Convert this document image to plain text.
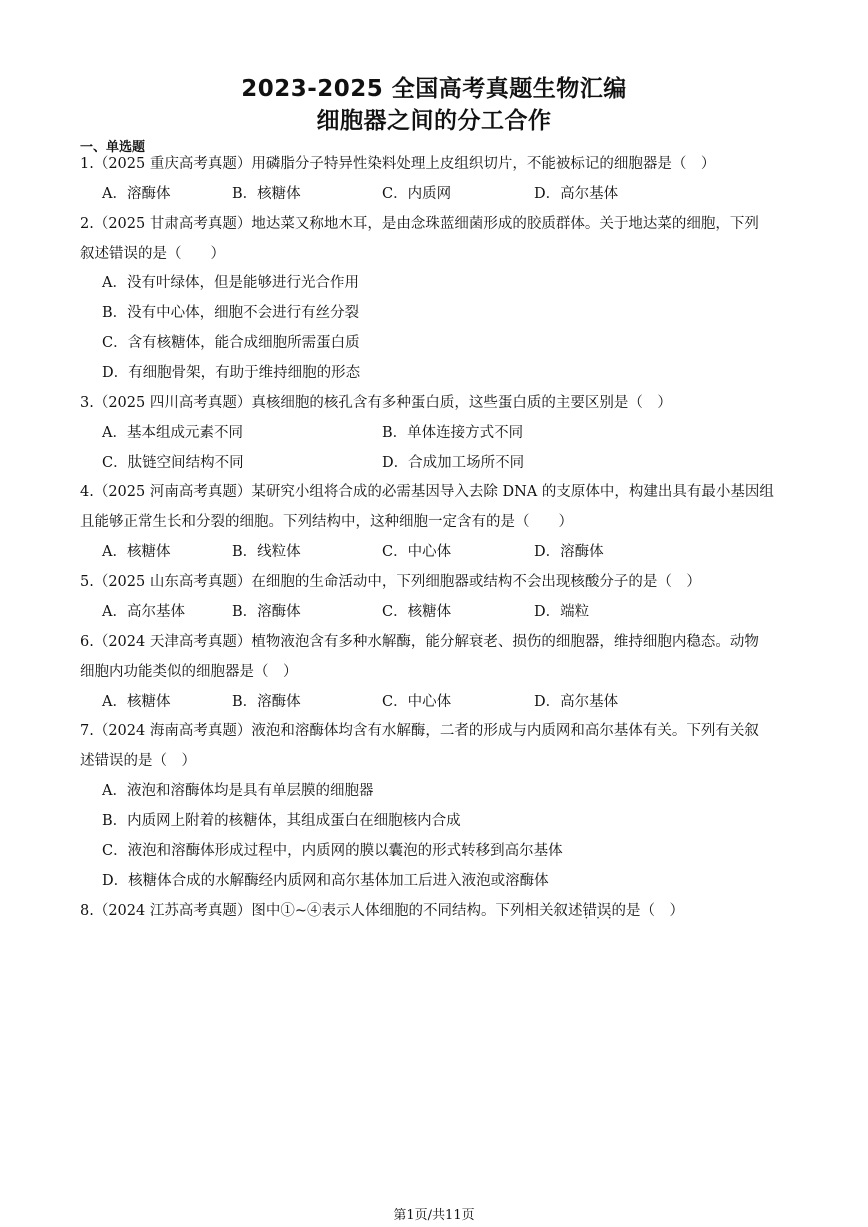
2023-2025 全国高考真题生物汇编
细胞器之间的分工合作
一、单选题
1.（2025 重庆高考真题）用磷脂分子特异性染料处理上皮组织切片，不能被标记的细胞器是（　）
A．溶酶体	B．核糖体	C．内质网	D．高尔基体
2.（2025 甘肃高考真题）地达菜又称地木耳，是由念珠蓝细菌形成的胶质群体。关于地达菜的细胞，下列
叙述错误的是（　　）
A．没有叶绿体，但是能够进行光合作用
B．没有中心体，细胞不会进行有丝分裂
C．含有核糖体，能合成细胞所需蛋白质
D．有细胞骨架，有助于维持细胞的形态
3.（2025 四川高考真题）真核细胞的核孔含有多种蛋白质，这些蛋白质的主要区别是（　）
A．基本组成元素不同	B．单体连接方式不同
C．肽链空间结构不同	D．合成加工场所不同
4.（2025 河南高考真题）某研究小组将合成的必需基因导入去除 DNA 的支原体中，构建出具有最小基因组
且能够正常生长和分裂的细胞。下列结构中，这种细胞一定含有的是（　　）
A．核糖体	B．线粒体	C．中心体	D．溶酶体
5.（2025 山东高考真题）在细胞的生命活动中，下列细胞器或结构不会出现核酸分子的是（　）
A．高尔基体	B．溶酶体	C．核糖体	D．端粒
6.（2024 天津高考真题）植物液泡含有多种水解酶，能分解衰老、损伤的细胞器，维持细胞内稳态。动物
细胞内功能类似的细胞器是（　）
A．核糖体	B．溶酶体	C．中心体	D．高尔基体
7.（2024 海南高考真题）液泡和溶酶体均含有水解酶，二者的形成与内质网和高尔基体有关。下列有关叙
述错误的是（　）
A．液泡和溶酶体均是具有单层膜的细胞器
B．内质网上附着的核糖体，其组成蛋白在细胞核内合成
C．液泡和溶酶体形成过程中，内质网的膜以囊泡的形式转移到高尔基体
D．核糖体合成的水解酶经内质网和高尔基体加工后进入液泡或溶酶体
8.（2024 江苏高考真题）图中①~④表示人体细胞的不同结构。下列相关叙述错误 · · ·的是（　）
第1页/共11页
